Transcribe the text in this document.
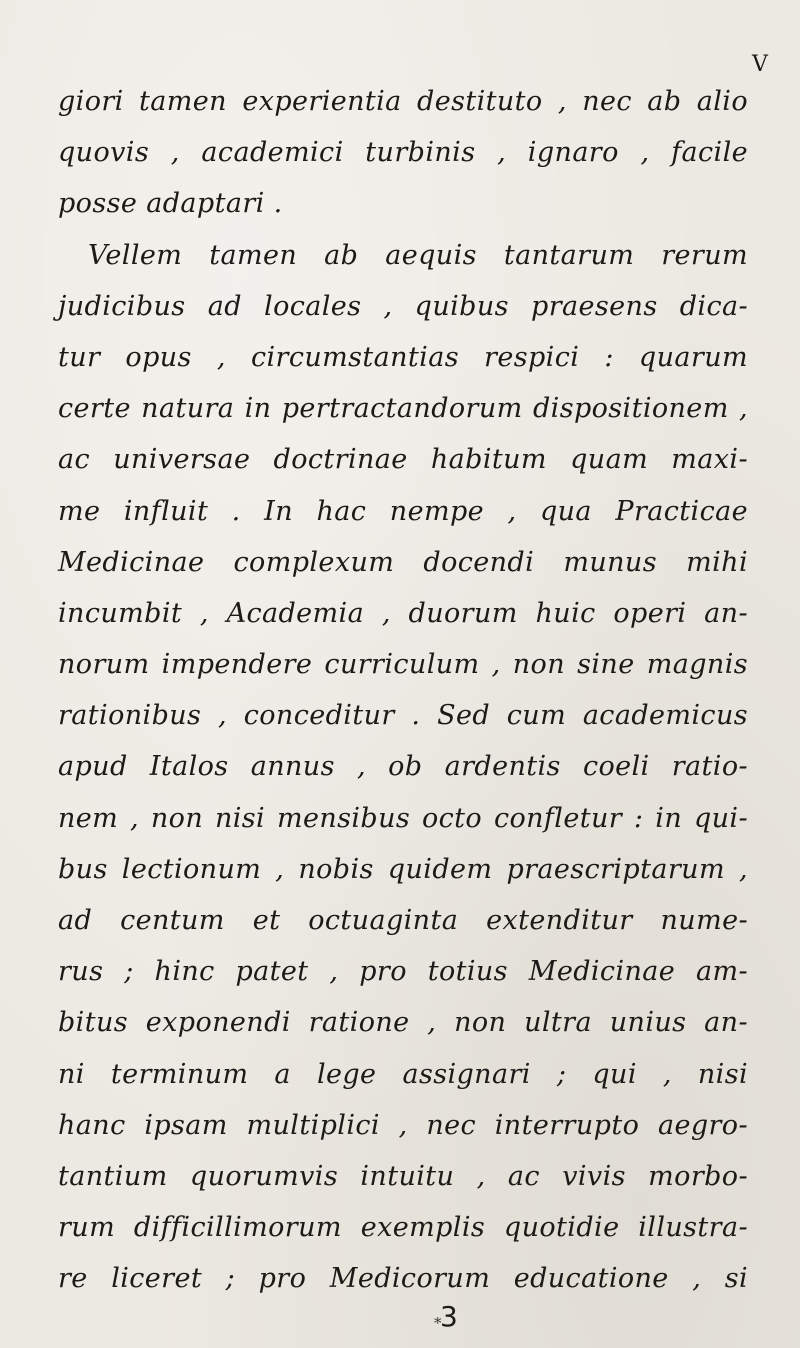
V
giori tamen experientia destituto , nec ab alio
quovis , academici turbinis , ignaro , facile
posse adaptari .
Vellem tamen ab aequis tantarum rerum
judicibus ad locales , quibus praesens dica-
tur opus , circumstantias respici : quarum
certe natura in pertractandorum dispositionem ,
ac universae doctrinae habitum quam maxi-
me influit . In hac nempe , qua Practicae
Medicinae complexum docendi munus mihi
incumbit , Academia , duorum huic operi an-
norum impendere curriculum , non sine magnis
rationibus , conceditur . Sed cum academicus
apud Italos annus , ob ardentis coeli ratio-
nem , non nisi mensibus octo confletur : in qui-
bus lectionum , nobis quidem praescriptarum ,
ad centum et octuaginta extenditur nume-
rus ; hinc patet , pro totius Medicinae am-
bitus exponendi ratione , non ultra unius an-
ni terminum a lege assignari ; qui , nisi
hanc ipsam multiplici , nec interrupto aegro-
tantium quorumvis intuitu , ac vivis morbo-
rum difficillimorum exemplis quotidie illustra-
re liceret ; pro Medicorum educatione , si
*
3
